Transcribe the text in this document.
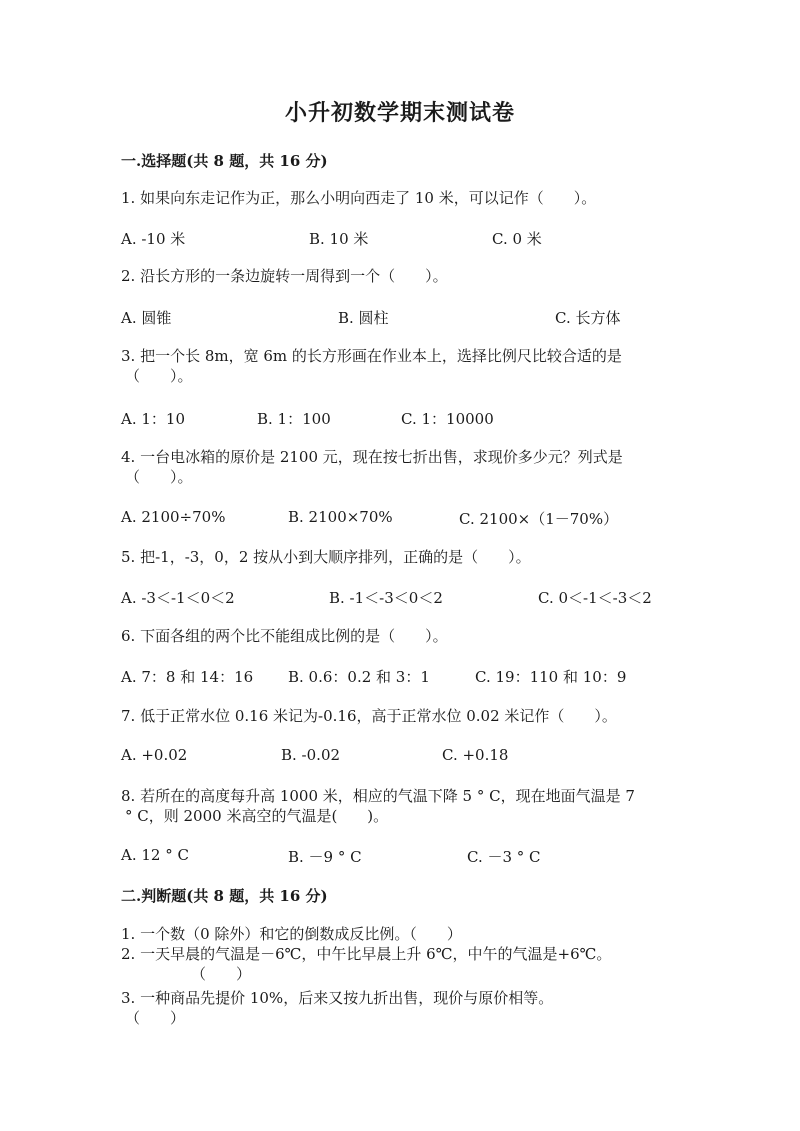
小升初数学期末测试卷
一.选择题(共 8 题，共 16 分)
1. 如果向东走记作为正，那么小明向西走了 10 米，可以记作（　　）。
A. -10 米	B. 10 米	C. 0 米
2. 沿长方形的一条边旋转一周得到一个（　　）。
A. 圆锥	B. 圆柱	C. 长方体
3. 把一个长 8m，宽 6m 的长方形画在作业本上，选择比例尺比较合适的是
（　　）。
A. 1：10	B. 1：100	C. 1：10000
4. 一台电冰箱的原价是 2100 元，现在按七折出售，求现价多少元？列式是
（　　）。
A. 2100÷70%	B. 2100×70%	C. 2100×（1－70%）
5. 把-1，-3，0，2 按从小到大顺序排列，正确的是（　　）。
A. -3＜-1＜0＜2	B. -1＜-3＜0＜2	C. 0＜-1＜-3＜2
6. 下面各组的两个比不能组成比例的是（　　）。
A. 7：8 和 14：16 B. 0.6：0.2 和 3：1	C. 19：110 和 10：9
7. 低于正常水位 0.16 米记为-0.16，高于正常水位 0.02 米记作（　　）。
A. +0.02	B. -0.02	C. +0.18
8. 若所在的高度每升高 1000 米，相应的气温下降 5 ° C，现在地面气温是 7
° C，则 2000 米高空的气温是(　　)。
A. 12 ° C	B. －9 ° C	C. －3 ° C
二.判断题(共 8 题，共 16 分)
1. 一个数（0 除外）和它的倒数成反比例。（　　）
2. 一天早晨的气温是－6℃，中午比早晨上升 6℃，中午的气温是+6℃。
（　　）
3. 一种商品先提价 10%，后来又按九折出售，现价与原价相等。
（　　）
